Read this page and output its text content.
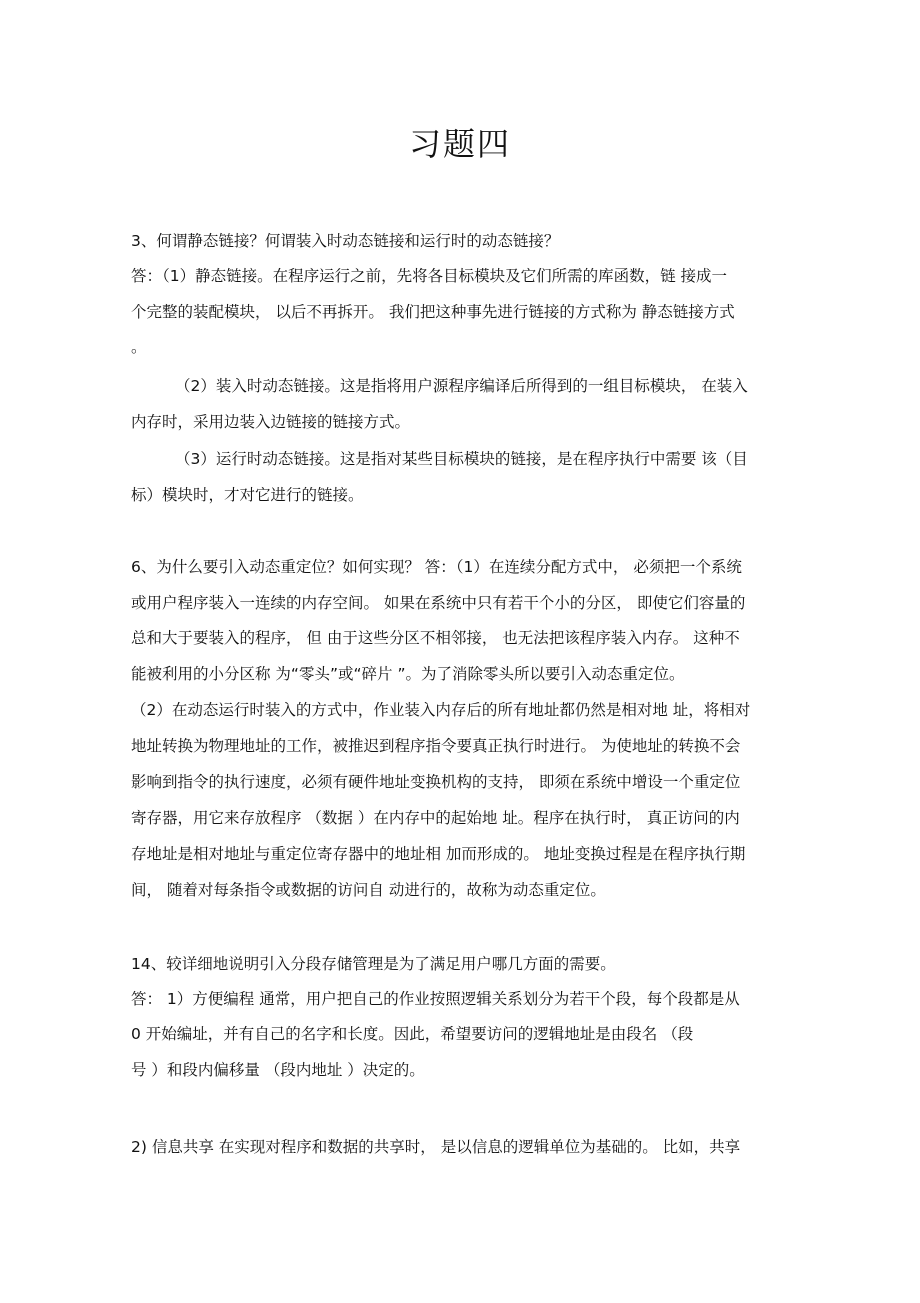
习题四
3、何谓静态链接？何谓装入时动态链接和运行时的动态链接？
答：（1）静态链接。在程序运行之前，先将各目标模块及它们所需的库函数，链 接成一
个完整的装配模块， 以后不再拆开。 我们把这种事先进行链接的方式称为 静态链接方式
。
（2）装入时动态链接。这是指将用户源程序编译后所得到的一组目标模块， 在装入
内存时，采用边装入边链接的链接方式。
（3）运行时动态链接。这是指对某些目标模块的链接，是在程序执行中需要 该（目
标）模块时，才对它进行的链接。
6、为什么要引入动态重定位？如何实现？ 答：（1）在连续分配方式中， 必须把一个系统
或用户程序装入一连续的内存空间。 如果在系统中只有若干个小的分区， 即使它们容量的
总和大于要装入的程序， 但 由于这些分区不相邻接， 也无法把该程序装入内存。 这种不
能被利用的小分区称 为“零头”或“碎片 ”。为了消除零头所以要引入动态重定位。
（2）在动态运行时装入的方式中，作业装入内存后的所有地址都仍然是相对地 址，将相对
地址转换为物理地址的工作，被推迟到程序指令要真正执行时进行。 为使地址的转换不会
影响到指令的执行速度，必须有硬件地址变换机构的支持， 即须在系统中增设一个重定位
寄存器，用它来存放程序 （数据 ）在内存中的起始地 址。程序在执行时， 真正访问的内
存地址是相对地址与重定位寄存器中的地址相 加而形成的。 地址变换过程是在程序执行期
间， 随着对每条指令或数据的访问自 动进行的，故称为动态重定位。
14、较详细地说明引入分段存储管理是为了满足用户哪几方面的需要。
答： 1）方便编程 通常，用户把自己的作业按照逻辑关系划分为若干个段，每个段都是从
0 开始编址，并有自己的名字和长度。因此，希望要访问的逻辑地址是由段名 （段
号 ）和段内偏移量 （段内地址 ）决定的。
2) 信息共享 在实现对程序和数据的共享时， 是以信息的逻辑单位为基础的。 比如，共享
